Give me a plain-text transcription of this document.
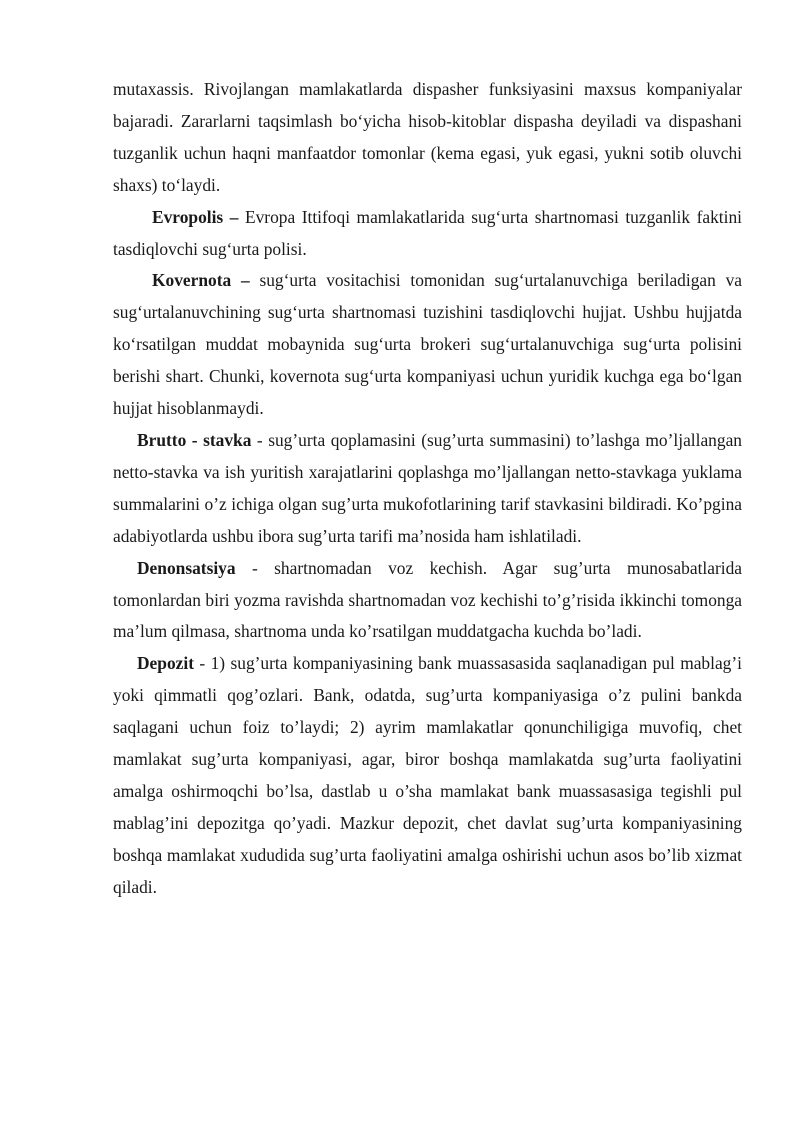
mutaxassis. Rivojlangan mamlakatlarda dispasher funksiyasini maxsus kompaniyalar bajaradi. Zararlarni taqsimlash bo‘yicha hisob-kitoblar dispasha deyiladi va dispashani tuzganlik uchun haqni manfaatdor tomonlar (kema egasi, yuk egasi, yukni sotib oluvchi shaxs) to‘laydi.

Evropolis – Evropa Ittifoqi mamlakatlarida sug‘urta shartnomasi tuzganlik faktini tasdiqlovchi sug‘urta polisi.

Kovernota – sug‘urta vositachisi tomonidan sug‘urtalanuvchiga beriladigan va sug‘urtalanuvchining sug‘urta shartnomasi tuzishini tasdiqlovchi hujjat. Ushbu hujjatda ko‘rsatilgan muddat mobaynida sug‘urta brokeri sug‘urtalanuvchiga sug‘urta polisini berishi shart. Chunki, kovernota sug‘urta kompaniyasi uchun yuridik kuchga ega bo‘lgan hujjat hisoblanmaydi.

Brutto - stavka - sug’urta qoplamasini (sug’urta summasini) to’lashga mo’ljallangan netto-stavka va ish yuritish xarajatlarini qoplashga mo’ljallangan netto-stavkaga yuklama summalarini o’z ichiga olgan sug’urta mukofotlarining tarif stavkasini bildiradi. Ko’pgina adabiyotlarda ushbu ibora sug’urta tarifi ma’nosida ham ishlatiladi.

Denonsatsiya - shartnomadan voz kechish. Agar sug’urta munosabatlarida tomonlardan biri yozma ravishda shartnomadan voz kechishi to’g’risida ikkinchi tomonga ma’lum qilmasa, shartnoma unda ko’rsatilgan muddatgacha kuchda bo’ladi.

Depozit - 1) sug’urta kompaniyasining bank muassasasida saqlanadigan pul mablag’i yoki qimmatli qog’ozlari. Bank, odatda, sug’urta kompaniyasiga o’z pulini bankda saqlagani uchun foiz to’laydi; 2) ayrim mamlakatlar qonunchiligiga muvofiq, chet mamlakat sug’urta kompaniyasi, agar, biror boshqa mamlakatda sug’urta faoliyatini amalga oshirmoqchi bo’lsa, dastlab u o’sha mamlakat bank muassasasiga tegishli pul mablag’ini depozitga qo’yadi. Mazkur depozit, chet davlat sug’urta kompaniyasining boshqa mamlakat xududida sug’urta faoliyatini amalga oshirishi uchun asos bo’lib xizmat qiladi.
